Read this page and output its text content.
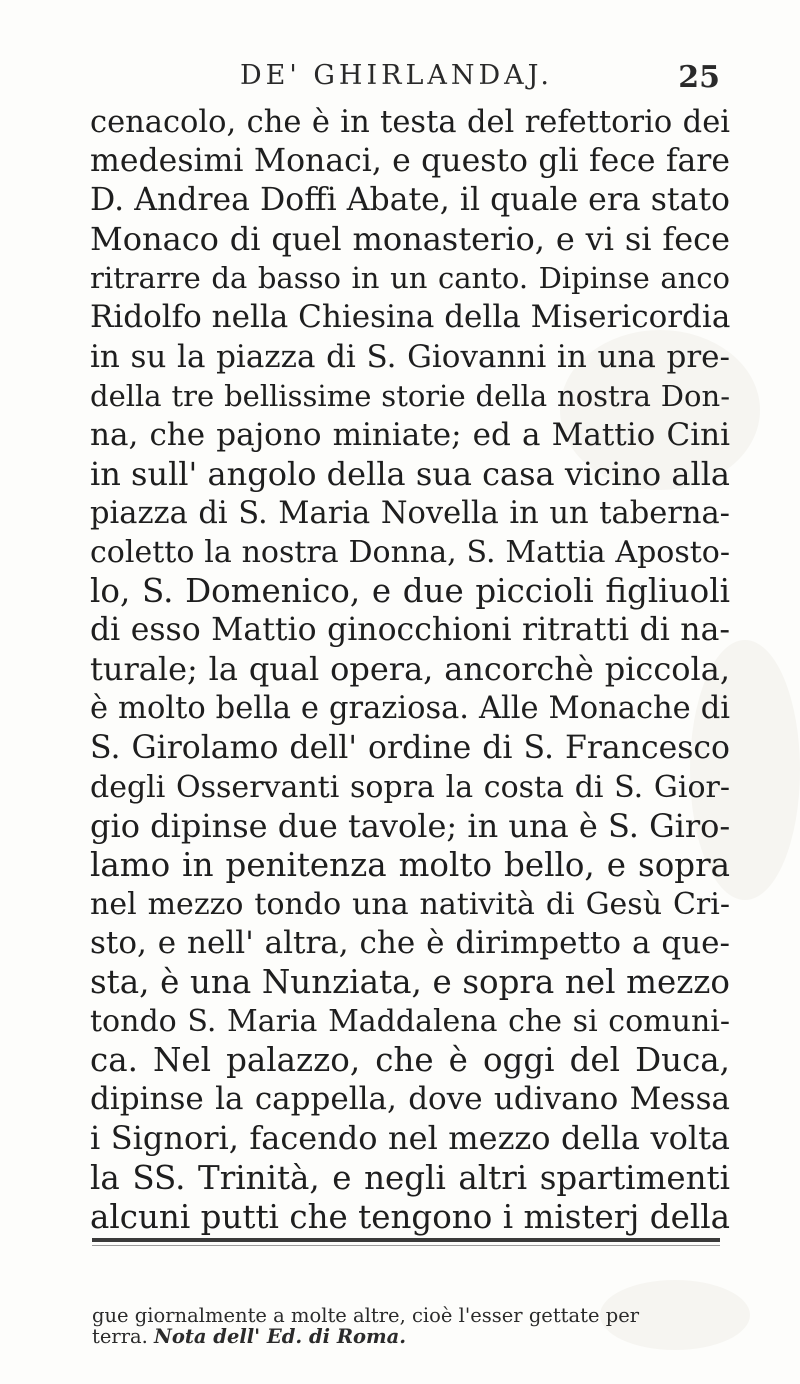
DE' GHIRLANDAJ.	25
cenacolo, che è in testa del refettorio dei
medesimi Monaci, e questo gli fece fare
D. Andrea Doffi Abate, il quale era stato
Monaco di quel monasterio, e vi si fece
ritrarre da basso in un canto. Dipinse anco
Ridolfo nella Chiesina della Misericordia
in su la piazza di S. Giovanni in una pre-
della tre bellissime storie della nostra Don-
na, che pajono miniate; ed a Mattio Cini
in sull' angolo della sua casa vicino alla
piazza di S. Maria Novella in un taberna-
coletto la nostra Donna, S. Mattia Aposto-
lo, S. Domenico, e due piccioli figliuoli
di esso Mattio ginocchioni ritratti di na-
turale; la qual opera, ancorchè piccola,
è molto bella e graziosa. Alle Monache di
S. Girolamo dell' ordine di S. Francesco
degli Osservanti sopra la costa di S. Gior-
gio dipinse due tavole; in una è S. Giro-
lamo in penitenza molto bello, e sopra
nel mezzo tondo una natività di Gesù Cri-
sto, e nell' altra, che è dirimpetto a que-
sta, è una Nunziata, e sopra nel mezzo
tondo S. Maria Maddalena che si comuni-
ca. Nel palazzo, che è oggi del Duca,
dipinse la cappella, dove udivano Messa
i Signori, facendo nel mezzo della volta
la SS. Trinità, e negli altri spartimenti
alcuni putti che tengono i misterj della
gue giornalmente a molte altre, cioè l'esser gettate per
terra. Nota dell' Ed. di Roma.
